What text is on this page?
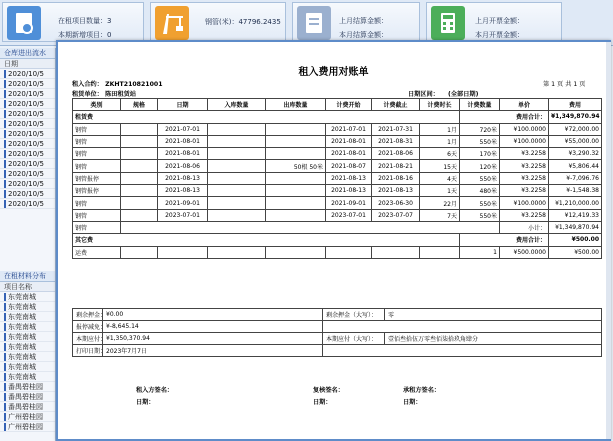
在租项目数量：3
本期新增项目：0
钢管(米)：47796.2435	上月结算金额：
本月结算金额：
上月开票金额：
本月开票金额：
仓库进出流水
日期
2020/10/5
2020/10/5
2020/10/5
2020/10/5
2020/10/5
2020/10/5
2020/10/5
2020/10/5
2020/10/5
2020/10/5
2020/10/5
2020/10/5
2020/10/5
2020/10/5
在租材料分布
项目名称
东莞南城
东莞南城
东莞南城
东莞南城
东莞南城
东莞南城
东莞南城
东莞南城
东莞南城
番禺碧桂园
番禺碧桂园
番禺碧桂园
广州碧桂园
广州碧桂园
租入费用对账单
租入合约： ZKHT210821001
租赁单位： 陈田租赁站
第 1 页 共 1 页
日期区间： (全部日期)
类别	规格	日期	入库数量	出库数量	计费开始	计费截止	计费时长	计费数量	单价	费用
租赁费								费用合计：		¥1,349,870.94
钢管		2021-07-01			2021-07-01	2021-07-31	1月	720米	¥100.0000	¥72,000.00
钢管		2021-08-01			2021-08-01	2021-08-31	1月	550米	¥100.0000	¥55,000.00
钢管		2021-08-01			2021-08-01	2021-08-06	6天	170米	¥3.2258	¥3,290.32
钢管		2021-08-06		50根 50米	2021-08-07	2021-08-21	15天	120米	¥3.2258	¥5,806.44
钢管报停		2021-08-13			2021-08-13	2021-08-16	4天	550米	¥3.2258	¥-7,096.76
钢管报停		2021-08-13			2021-08-13	2021-08-13	1天	480米	¥3.2258	¥-1,548.38
钢管		2021-09-01			2021-09-01	2023-06-30	22月	550米	¥100.0000	¥1,210,000.00
钢管		2023-07-01			2023-07-01	2023-07-07	7天	550米	¥3.2258	¥12,419.33
钢管									小计：	¥1,349,870.94
其它费								费用合计：		¥500.00
运费								1	¥500.0000	¥500.00
剩余押金：	¥0.00	剩余押金（大写）：	零
报停减免：	¥-8,645.14		
本期应付：	¥1,350,370.94	本期应付（大写）：	壹佰叁拾伍万零叁佰柒拾玖角肆分
打印日期：	2023年7月7日		
租入方签名：
日期：
复核签名：
日期：
承租方签名：
日期：
